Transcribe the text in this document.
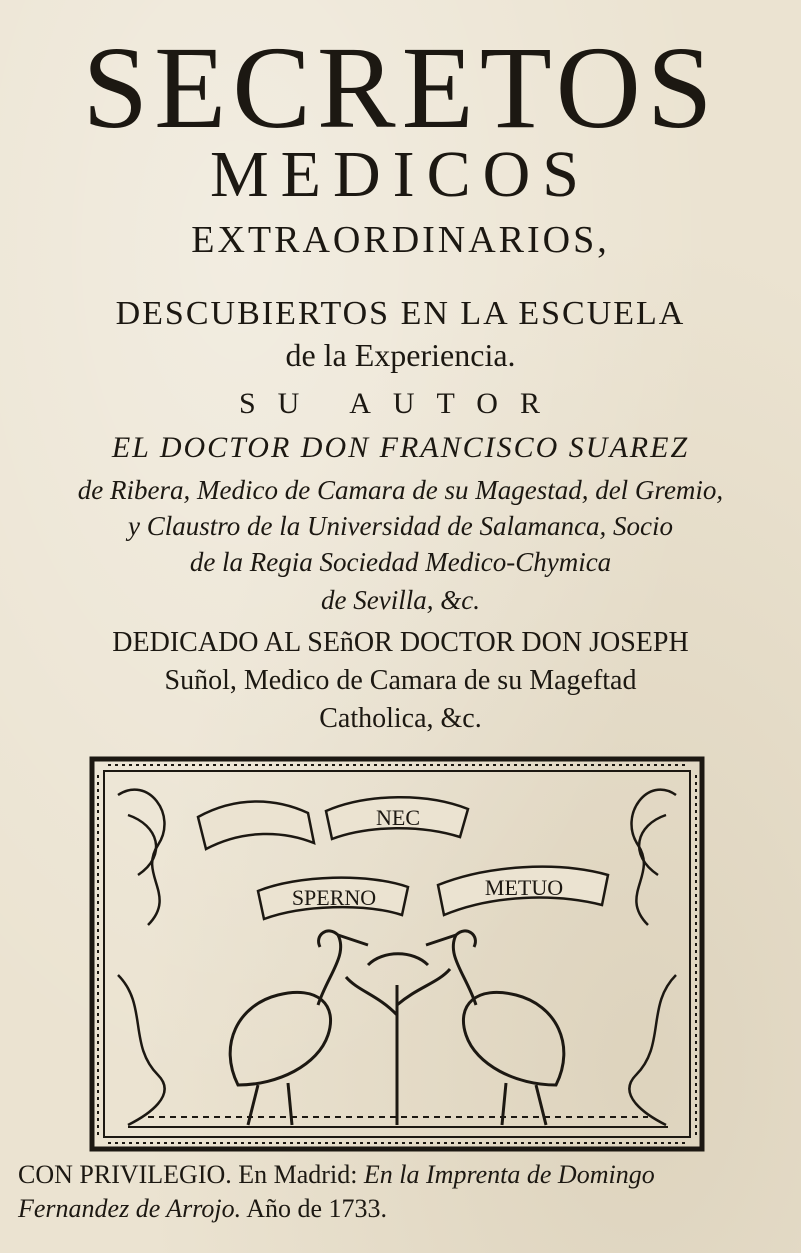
SECRETOS
MEDICOS
EXTRAORDINARIOS,
DESCUBIERTOS EN LA ESCUELA
de la Experiencia.
SU AUTOR
EL DOCTOR DON FRANCISCO SUAREZ
de Ribera, Medico de Camara de su Magestad, del Gremio,
y Claustro de la Universidad de Salamanca, Socio
de la Regia Sociedad Medico-Chymica
de Sevilla, &c.
DEDICADO AL SEñOR DOCTOR DON JOSEPH
Suñol, Medico de Camara de su Mageftad
Catholica, &c.
NEC
SPERNO	METUO
CON PRIVILEGIO. En Madrid: En la Imprenta de Domingo
Fernandez de Arrojo. Año de 1733.
